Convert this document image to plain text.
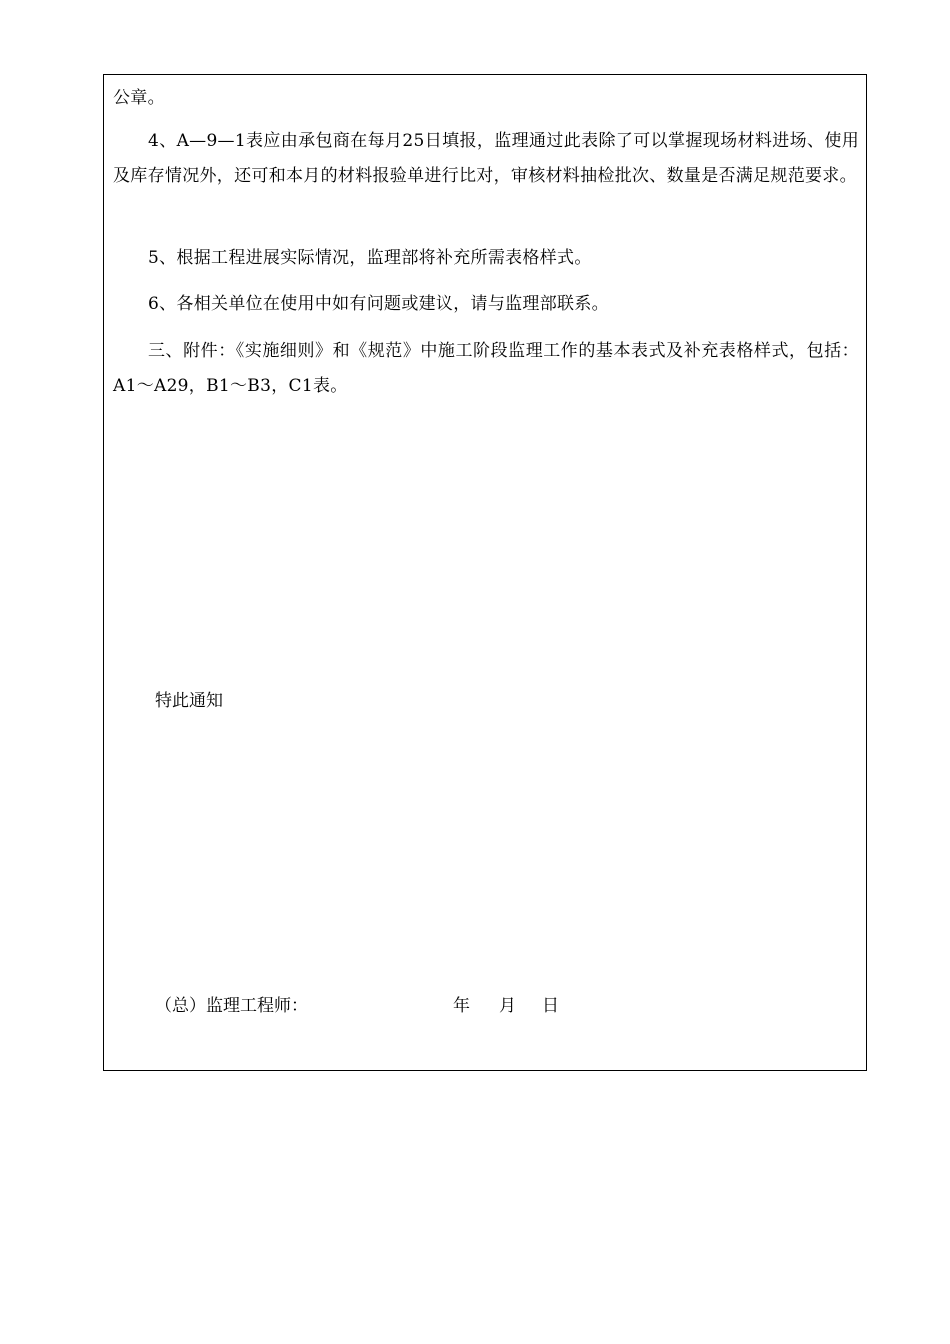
公章。

4、A—9—1表应由承包商在每月25日填报，监理通过此表除了可以掌握现场材料进场、使用及库存情况外，还可和本月的材料报验单进行比对，审核材料抽检批次、数量是否满足规范要求。

5、根据工程进展实际情况，监理部将补充所需表格样式。

6、各相关单位在使用中如有问题或建议，请与监理部联系。

三、附件：《实施细则》和《规范》中施工阶段监理工作的基本表式及补充表格样式，包括：A1～A29，B1～B3，C1表。

特此通知

（总）监理工程师：	年 月 日
